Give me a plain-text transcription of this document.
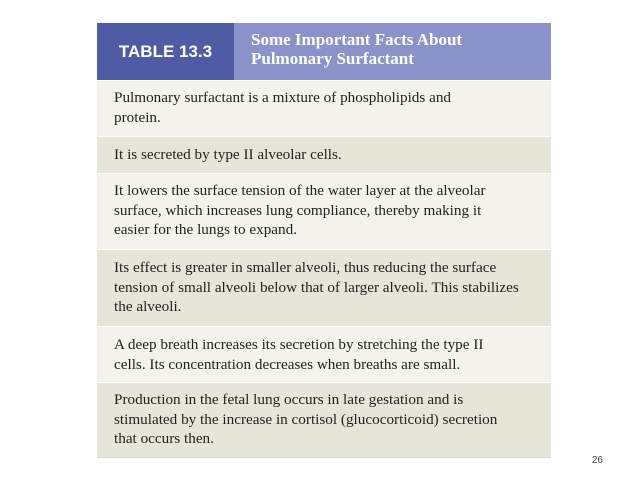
TABLE 13.3
Some Important Facts About
Pulmonary Surfactant
Pulmonary surfactant is a mixture of phospholipids and
protein.
It is secreted by type II alveolar cells.
It lowers the surface tension of the water layer at the alveolar
surface, which increases lung compliance, thereby making it
easier for the lungs to expand.
Its effect is greater in smaller alveoli, thus reducing the surface
tension of small alveoli below that of larger alveoli. This stabilizes
the alveoli.
A deep breath increases its secretion by stretching the type II
cells. Its concentration decreases when breaths are small.
Production in the fetal lung occurs in late gestation and is
stimulated by the increase in cortisol (glucocorticoid) secretion
that occurs then.
26
